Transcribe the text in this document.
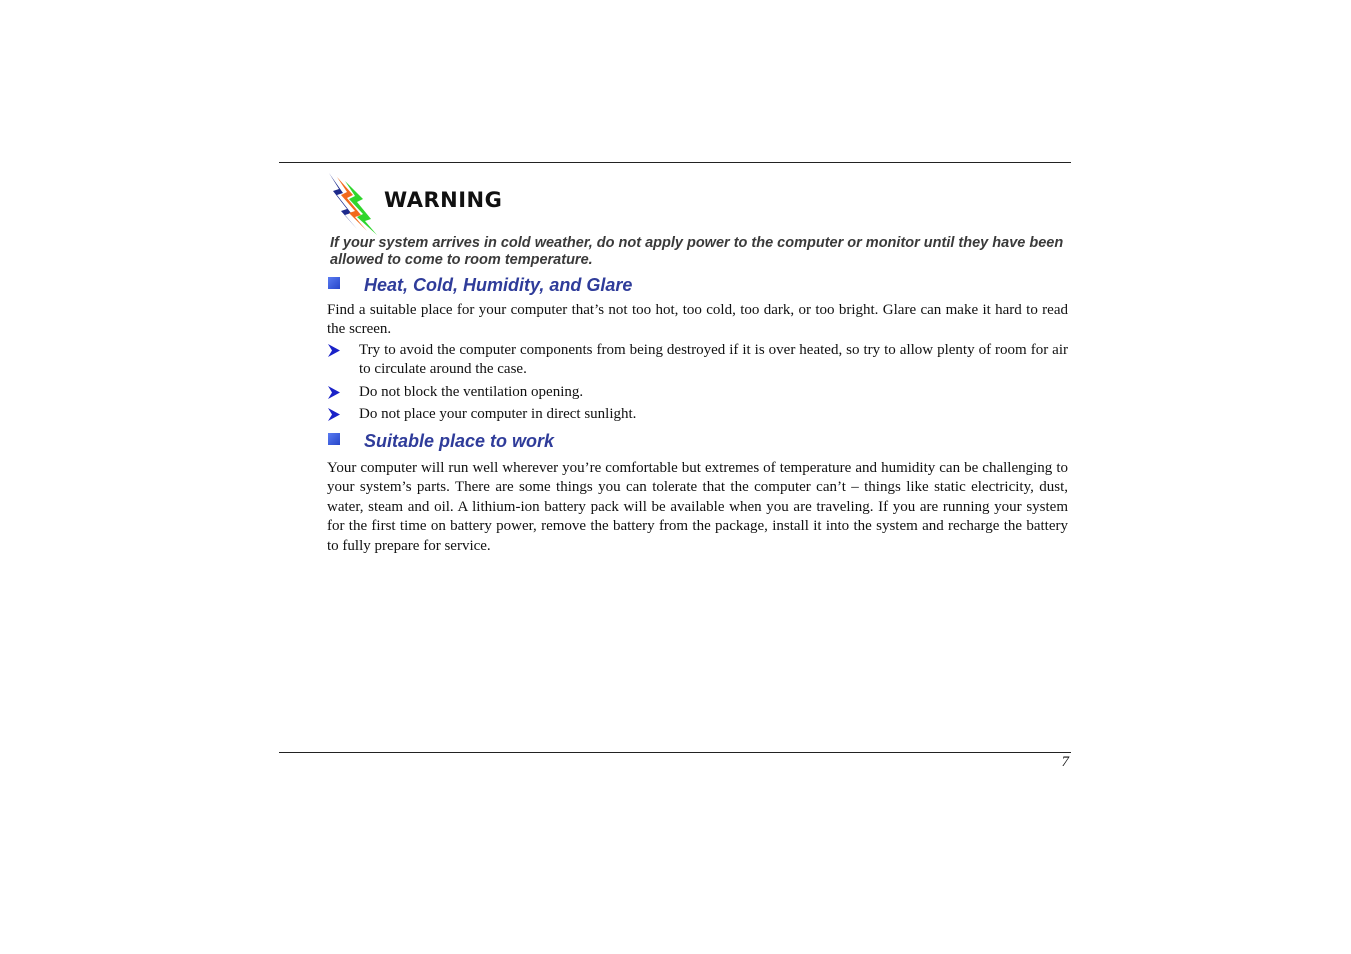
WARNING
If your system arrives in cold weather, do not apply power to the computer or monitor until they have been allowed to come to room temperature.
Heat, Cold, Humidity, and Glare
Find a suitable place for your computer that’s not too hot, too cold, too dark, or too bright. Glare can make it hard to read the screen.
Try to avoid the computer components from being destroyed if it is over heated, so try to allow plenty of room for air to circulate around the case.
Do not block the ventilation opening.
Do not place your computer in direct sunlight.
Suitable place to work
Your computer will run well wherever you’re comfortable but extremes of temperature and humidity can be challenging to your system’s parts. There are some things you can tolerate that the computer can’t – things like static electricity, dust, water, steam and oil. A lithium-ion battery pack will be available when you are traveling. If you are running your system for the first time on battery power, remove the battery from the package, install it into the system and recharge the battery to fully prepare for service.
7
